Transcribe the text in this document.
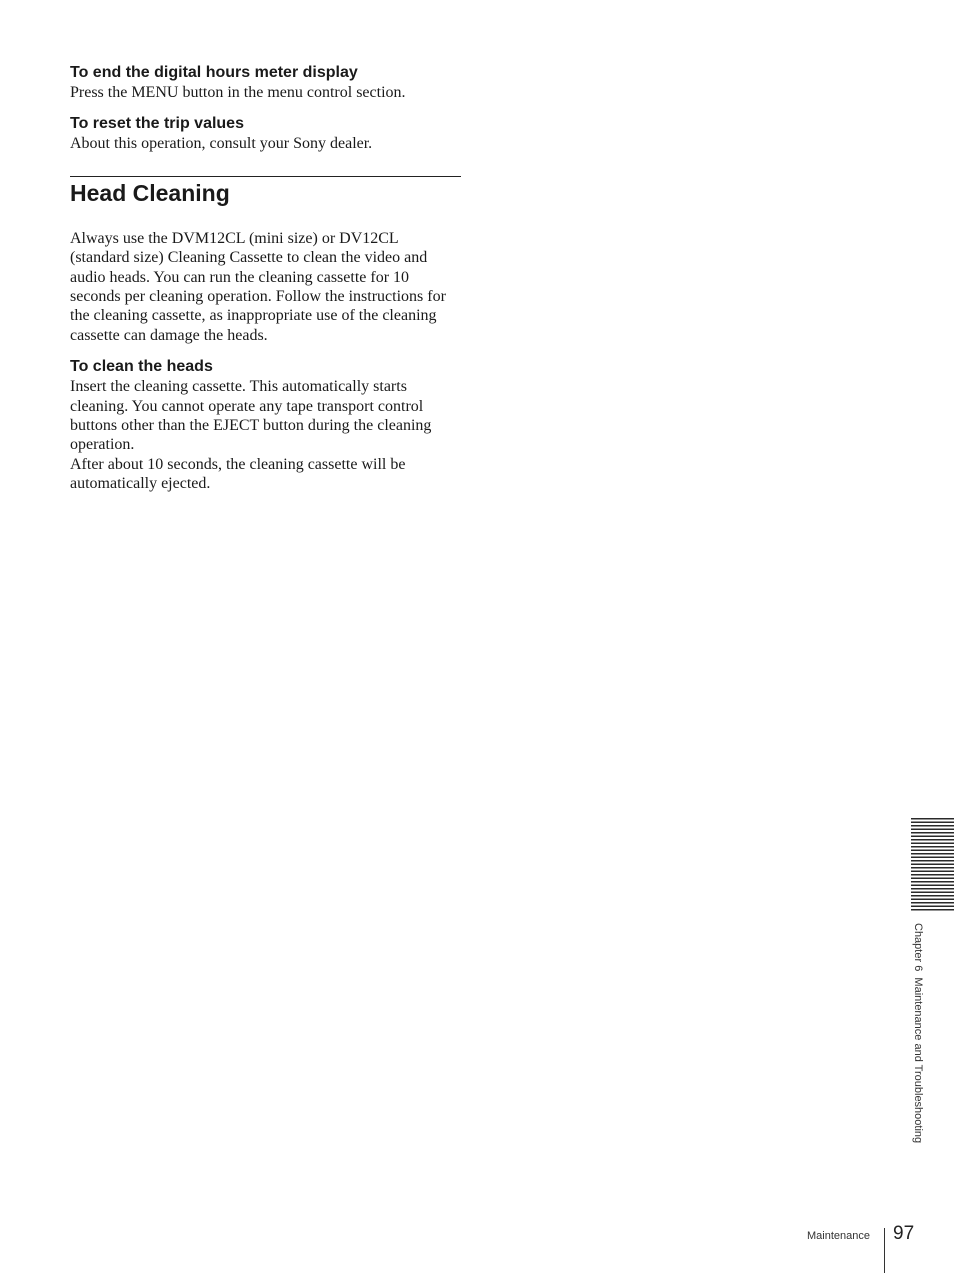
To end the digital hours meter display

Press the MENU button in the menu control section.

To reset the trip values

About this operation, consult your Sony dealer.

Head Cleaning

Always use the DVM12CL (mini size) or DV12CL (standard size) Cleaning Cassette to clean the video and audio heads. You can run the cleaning cassette for 10 seconds per cleaning operation. Follow the instructions for the cleaning cassette, as inappropriate use of the cleaning cassette can damage the heads.

To clean the heads

Insert the cleaning cassette. This automatically starts cleaning. You cannot operate any tape transport control buttons other than the EJECT button during the cleaning operation.

After about 10 seconds, the cleaning cassette will be automatically ejected.

Chapter 6  Maintenance and Troubleshooting
Maintenance 97
